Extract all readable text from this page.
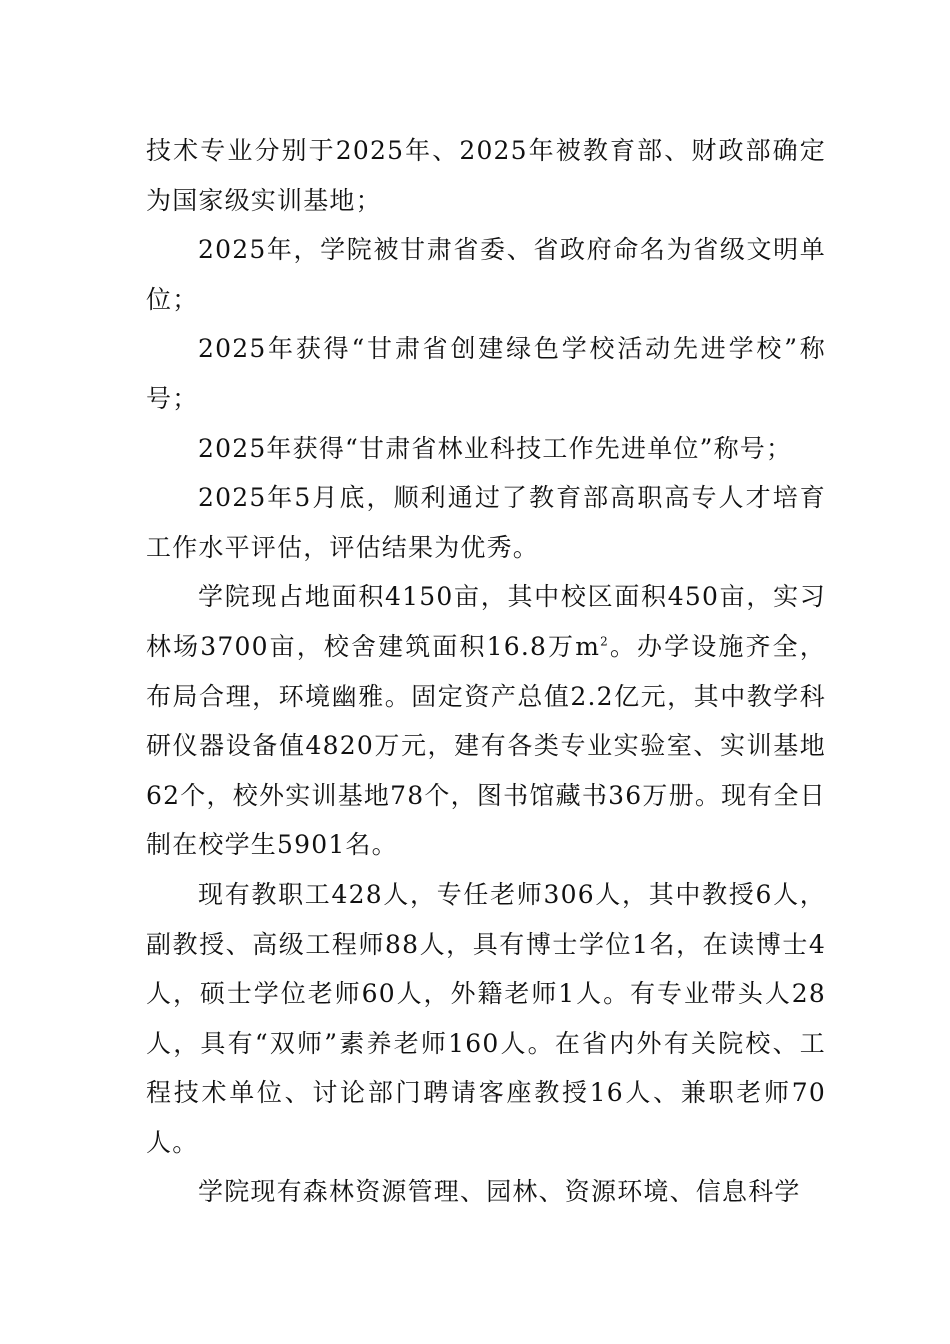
技术专业分别于2025年、2025年被教育部、财政部确定为国家级实训基地；

2025年，学院被甘肃省委、省政府命名为省级文明单位；

2025年获得“甘肃省创建绿色学校活动先进学校”称号；

2025年获得“甘肃省林业科技工作先进单位”称号；

2025年5月底，顺利通过了教育部高职高专人才培育工作水平评估，评估结果为优秀。

学院现占地面积4150亩，其中校区面积450亩，实习林场3700亩，校舍建筑面积16.8万$m^2$。办学设施齐全，布局合理，环境幽雅。固定资产总值2.2亿元，其中教学科研仪器设备值4820万元，建有各类专业实验室、实训基地62个，校外实训基地78个，图书馆藏书36万册。现有全日制在校学生5901名。

现有教职工428人，专任老师306人，其中教授6人，副教授、高级工程师88人，具有博士学位1名，在读博士4人，硕士学位老师60人，外籍老师1人。有专业带头人28人，具有“双师”素养老师160人。在省内外有关院校、工程技术单位、讨论部门聘请客座教授16人、兼职老师70人。

学院现有森林资源管理、园林、资源环境、信息科学
